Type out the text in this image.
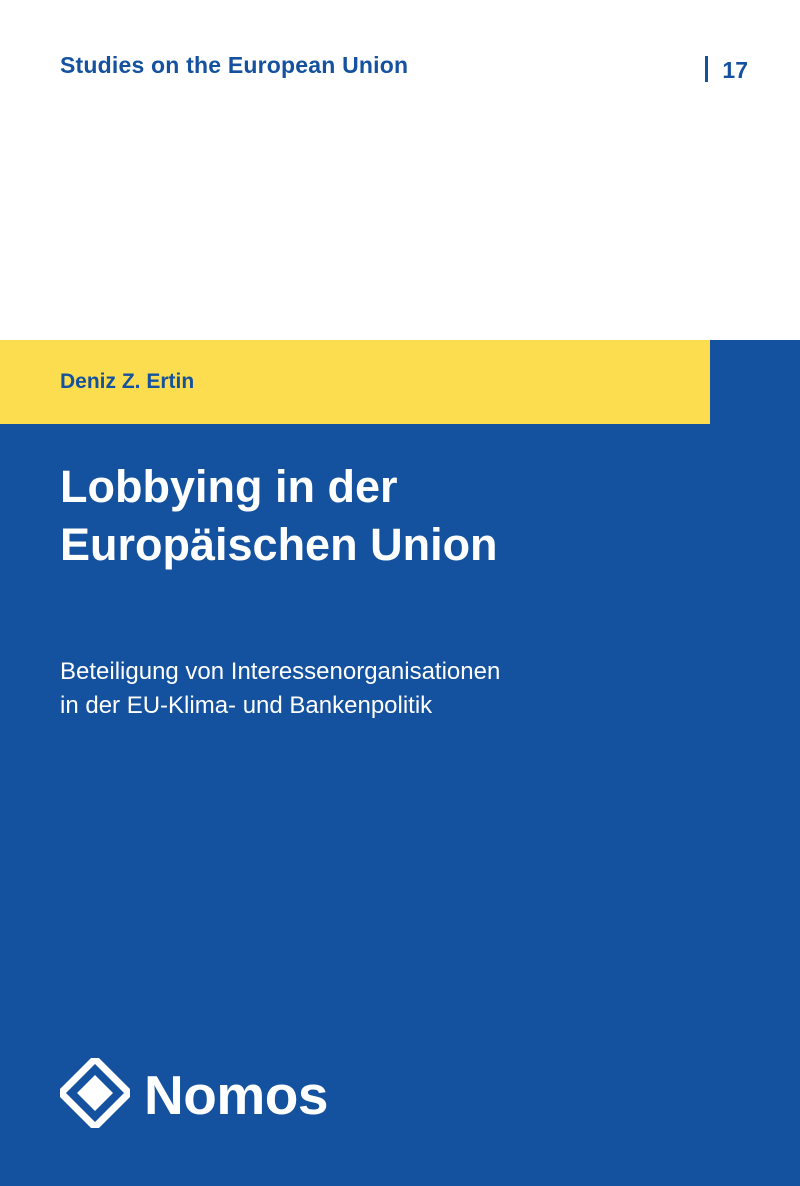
Studies on the European Union	17
Deniz Z. Ertin
Lobbying in der
Europäischen Union
Beteiligung von Interessenorganisationen
in der EU-Klima- und Bankenpolitik
Nomos
